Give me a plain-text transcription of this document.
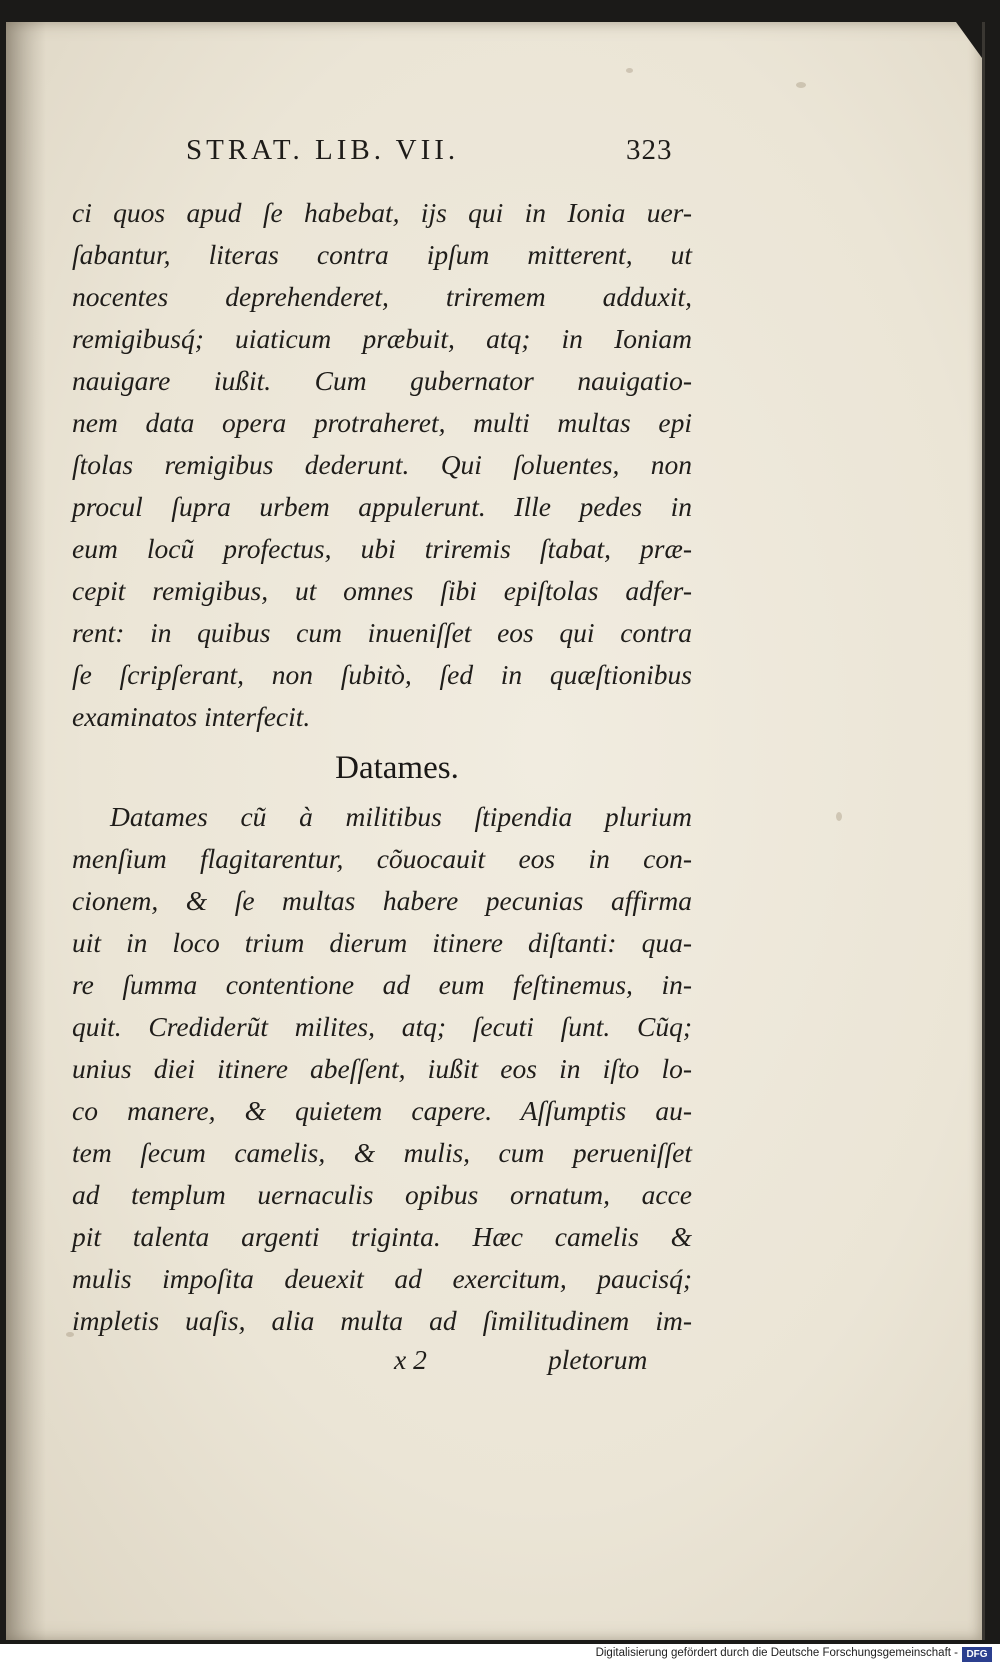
STRAT. LIB. VII.	323
ci quos apud ſe habebat, ijs qui in Ionia uer-
ſabantur, literas contra ipſum mitterent, ut
nocentes deprehenderet, triremem adduxit,
remigibusq́; uiaticum præbuit, atq; in Ioniam
nauigare iußit. Cum gubernator nauigatio-
nem data opera protraheret, multi multas epi
ſtolas remigibus dederunt. Qui ſoluentes, non
procul ſupra urbem appulerunt. Ille pedes in
eum locũ profectus, ubi triremis ſtabat, præ-
cepit remigibus, ut omnes ſibi epiſtolas adfer-
rent: in quibus cum inueniſſet eos qui contra
ſe ſcripſerant, non ſubitò, ſed in quæſtionibus
examinatos interfecit.
Datames.
Datames cũ à militibus ſtipendia plurium
menſium flagitarentur, cõuocauit eos in con-
cionem, & ſe multas habere pecunias affirma
uit in loco trium dierum itinere diſtanti: qua-
re ſumma contentione ad eum feſtinemus, in-
quit. Crediderũt milites, atq; ſecuti ſunt. Cũq;
unius diei itinere abeſſent, iußit eos in iſto lo-
co manere, & quietem capere. Aſſumptis au-
tem ſecum camelis, & mulis, cum perueniſſet
ad templum uernaculis opibus ornatum, acce
pit talenta argenti triginta. Hæc camelis &
mulis impoſita deuexit ad exercitum, paucisq́;
impletis uaſis, alia multa ad ſimilitudinem im-
x 2	pletorum
Digitalisierung gefördert durch die Deutsche Forschungsgemeinschaft - DFG
